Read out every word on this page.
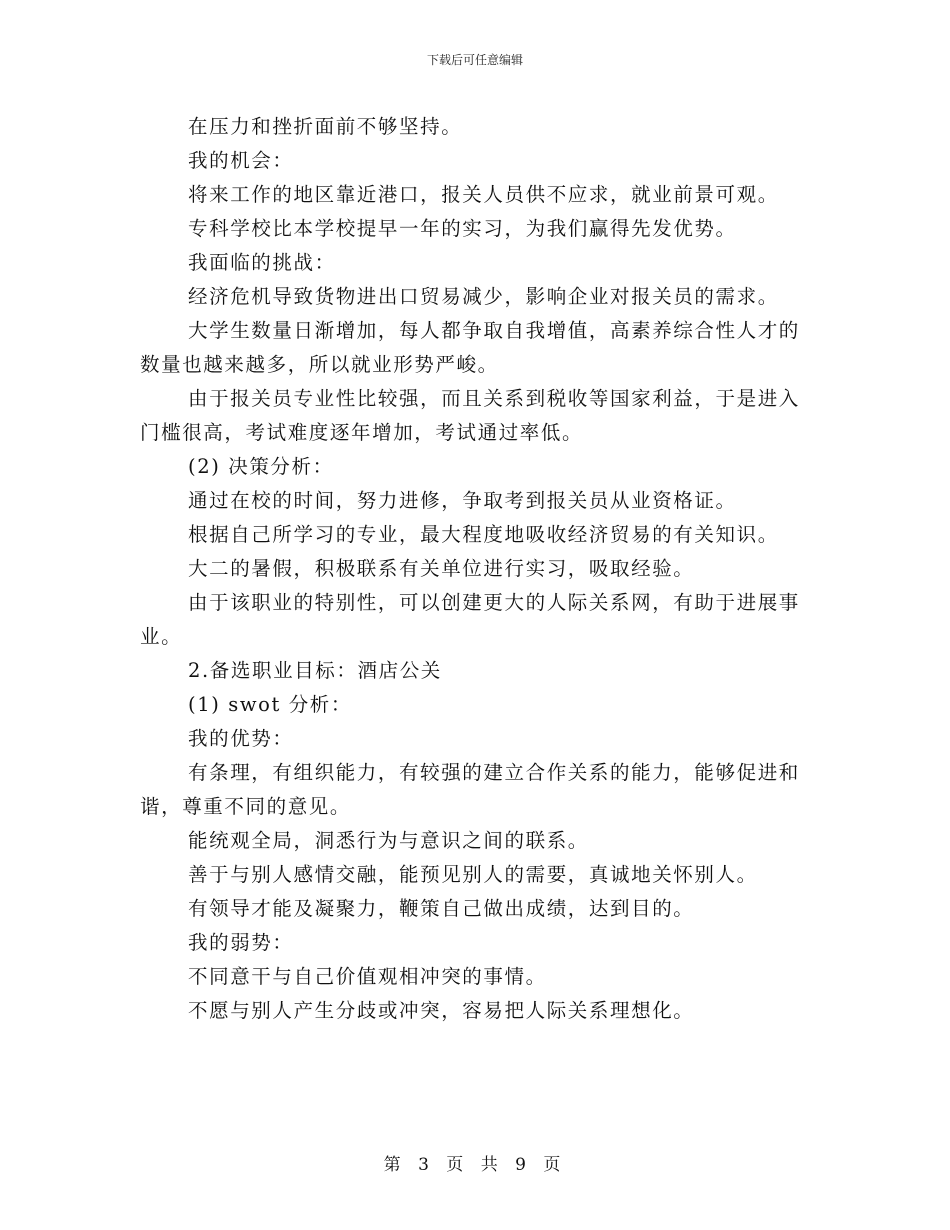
下载后可任意编辑

在压力和挫折面前不够坚持。

我的机会：

将来工作的地区靠近港口，报关人员供不应求，就业前景可观。

专科学校比本学校提早一年的实习，为我们赢得先发优势。

我面临的挑战：

经济危机导致货物进出口贸易减少，影响企业对报关员的需求。

大学生数量日渐增加，每人都争取自我增值，高素养综合性人才的数量也越来越多，所以就业形势严峻。

由于报关员专业性比较强，而且关系到税收等国家利益，于是进入门槛很高，考试难度逐年增加，考试通过率低。

(2) 决策分析：

通过在校的时间，努力进修，争取考到报关员从业资格证。

根据自己所学习的专业，最大程度地吸收经济贸易的有关知识。

大二的暑假，积极联系有关单位进行实习，吸取经验。

由于该职业的特别性，可以创建更大的人际关系网，有助于进展事业。

2.备选职业目标：酒店公关

(1) swot 分析：

我的优势：

有条理，有组织能力，有较强的建立合作关系的能力，能够促进和谐，尊重不同的意见。

能统观全局，洞悉行为与意识之间的联系。

善于与别人感情交融，能预见别人的需要，真诚地关怀别人。

有领导才能及凝聚力，鞭策自己做出成绩，达到目的。

我的弱势：

不同意干与自己价值观相冲突的事情。

不愿与别人产生分歧或冲突，容易把人际关系理想化。

第 3 页 共 9 页
